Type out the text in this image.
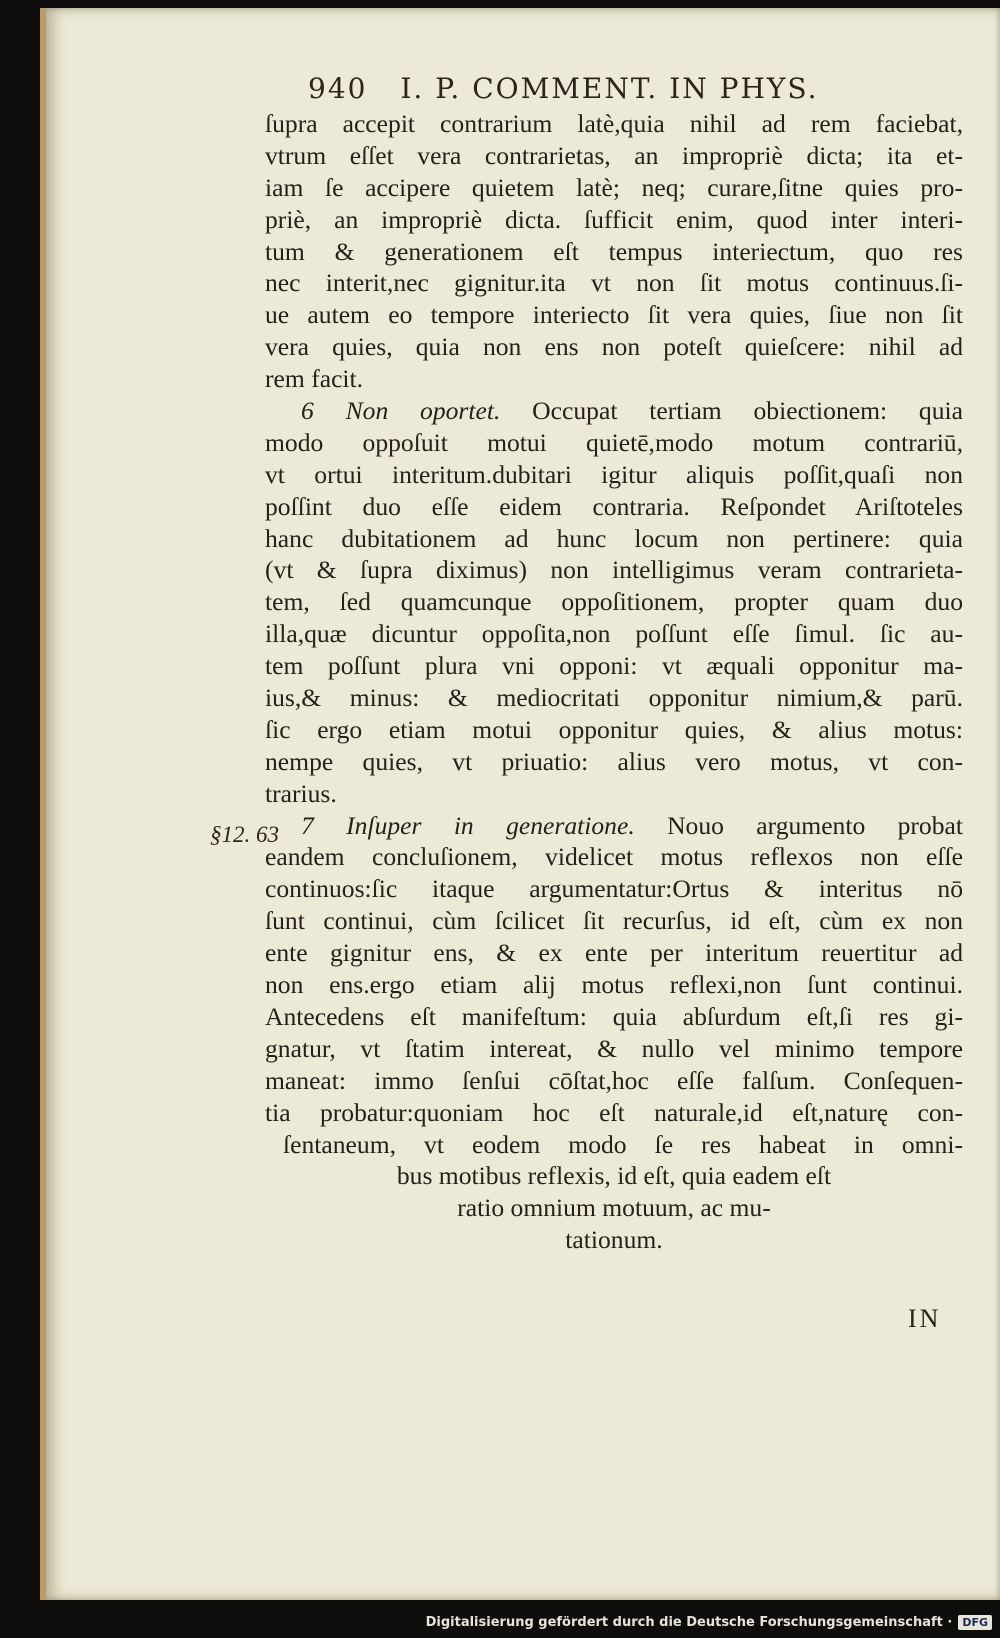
940 I. P. COMMENT. IN PHYS.
§12. 63
ſupra accepit contrarium latè,quia nihil ad rem faciebat,
vtrum eſſet vera contrarietas, an impropriè dicta; ita et-
iam ſe accipere quietem latè; neq; curare,ſitne quies pro-
priè, an impropriè dicta. ſufficit enim, quod inter interi-
tum & generationem eſt tempus interiectum, quo res
nec interit,nec gignitur.ita vt non ſit motus continuus.ſi-
ue autem eo tempore interiecto ſit vera quies, ſiue non ſit
vera quies, quia non ens non poteſt quieſcere: nihil ad
rem facit.
6 Non oportet. Occupat tertiam obiectionem: quia
modo oppoſuit motui quietē,modo motum contrariū,
vt ortui interitum.dubitari igitur aliquis poſſit,quaſi non
poſſint duo eſſe eidem contraria. Reſpondet Ariſtoteles
hanc dubitationem ad hunc locum non pertinere: quia
(vt & ſupra diximus) non intelligimus veram contrarieta-
tem, ſed quamcunque oppoſitionem, propter quam duo
illa,quæ dicuntur oppoſita,non poſſunt eſſe ſimul. ſic au-
tem poſſunt plura vni opponi: vt æquali opponitur ma-
ius,& minus: & mediocritati opponitur nimium,& parū.
ſic ergo etiam motui opponitur quies, & alius motus:
nempe quies, vt priuatio: alius vero motus, vt con-
trarius.
7 Inſuper in generatione. Nouo argumento probat
eandem concluſionem, videlicet motus reflexos non eſſe
continuos:ſic itaque argumentatur:Ortus & interitus nō
ſunt continui, cùm ſcilicet ſit recurſus, id eſt, cùm ex non
ente gignitur ens, & ex ente per interitum reuertitur ad
non ens.ergo etiam alij motus reflexi,non ſunt continui.
Antecedens eſt manifeſtum: quia abſurdum eſt,ſi res gi-
gnatur, vt ſtatim intereat, & nullo vel minimo tempore
maneat: immo ſenſui cōſtat,hoc eſſe falſum. Conſequen-
tia probatur:quoniam hoc eſt naturale,id eſt,naturę con-
ſentaneum, vt eodem modo ſe res habeat in omni-
bus motibus reflexis, id eſt, quia eadem eſt
ratio omnium motuum, ac mu-
tationum.
IN
Digitalisierung gefördert durch die Deutsche Forschungsgemeinschaft · DFG
